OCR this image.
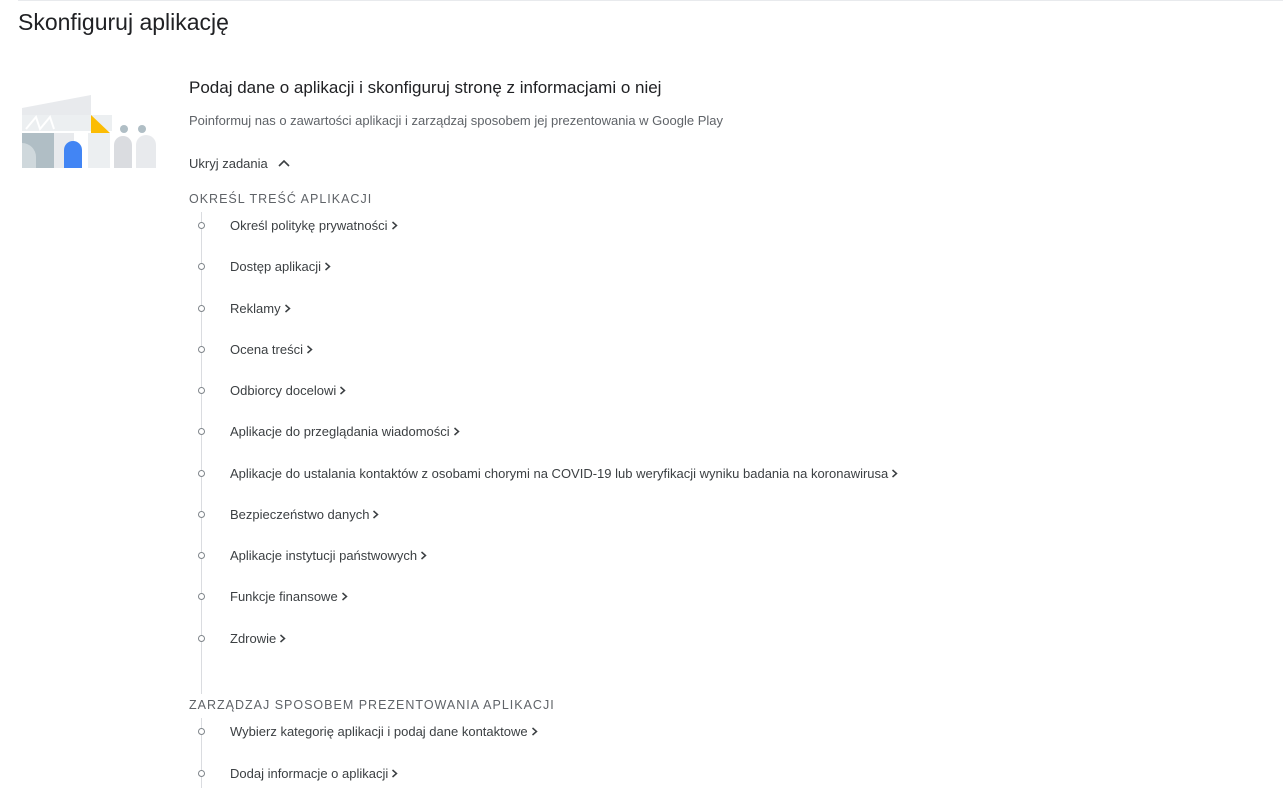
Skonfiguruj aplikację
Podaj dane o aplikacji i skonfiguruj stronę z informacjami o niej
Poinformuj nas o zawartości aplikacji i zarządzaj sposobem jej prezentowania w Google Play
Ukryj zadania
OKREŚL TREŚĆ APLIKACJI
Określ politykę prywatności
Dostęp aplikacji
Reklamy
Ocena treści
Odbiorcy docelowi
Aplikacje do przeglądania wiadomości
Aplikacje do ustalania kontaktów z osobami chorymi na COVID-19 lub weryfikacji wyniku badania na koronawirusa
Bezpieczeństwo danych
Aplikacje instytucji państwowych
Funkcje finansowe
Zdrowie
ZARZĄDZAJ SPOSOBEM PREZENTOWANIA APLIKACJI
Wybierz kategorię aplikacji i podaj dane kontaktowe
Dodaj informacje o aplikacji
